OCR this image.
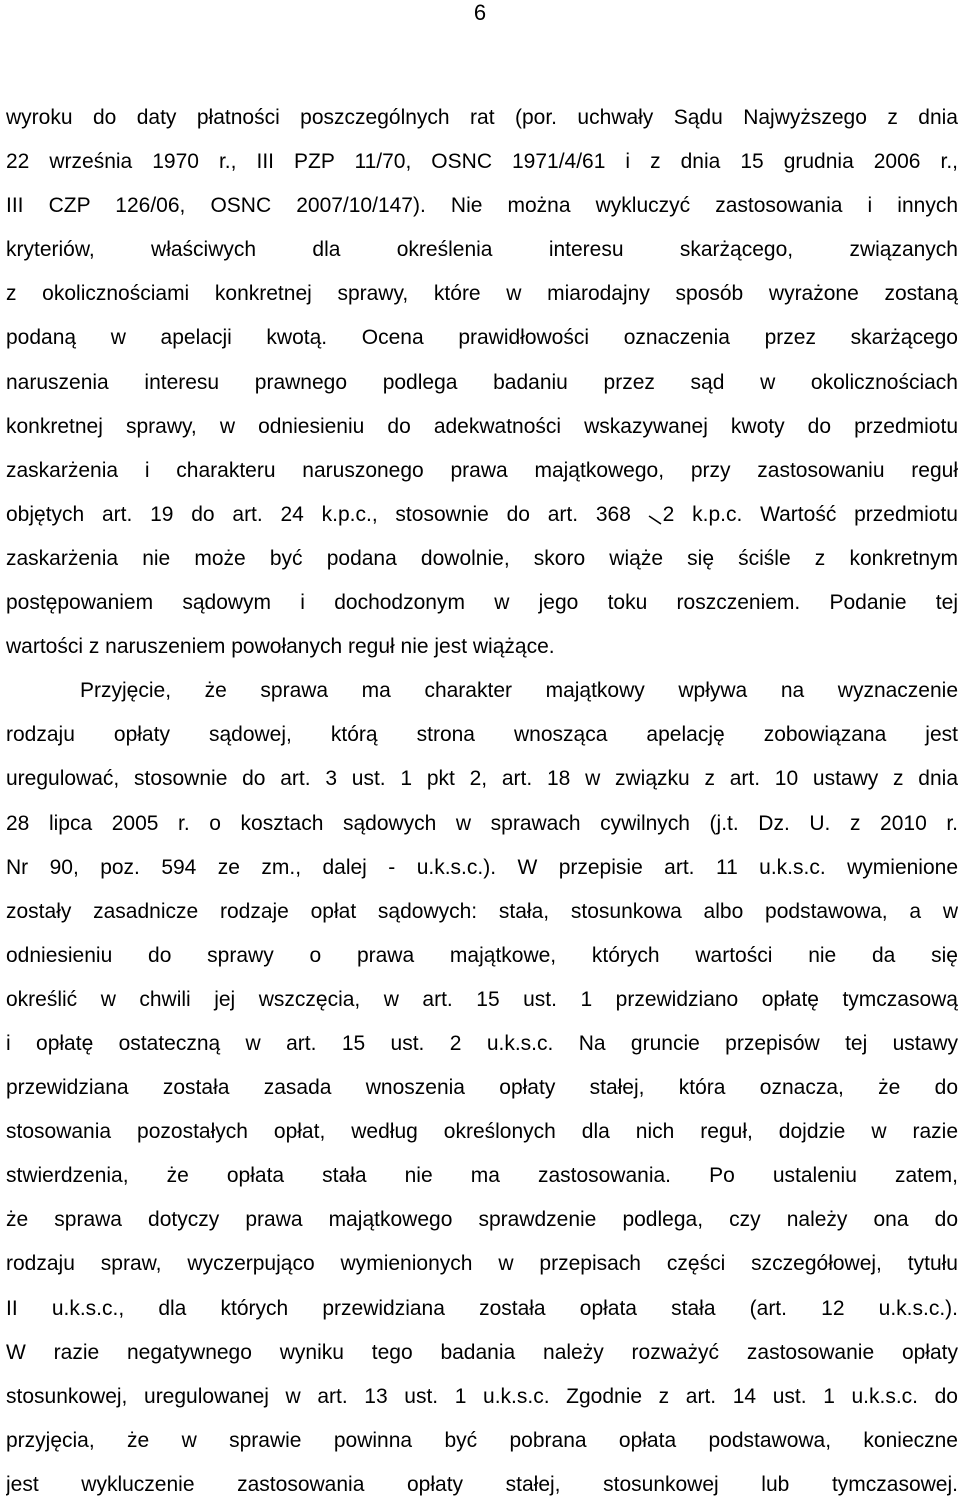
6
wyroku do daty płatności poszczególnych rat (por. uchwały Sądu Najwyższego z dnia
22 września 1970 r., III PZP 11/70, OSNC 1971/4/61 i z dnia 15 grudnia 2006 r.,
III CZP 126/06, OSNC 2007/10/147). Nie można wykluczyć zastosowania i innych
kryteriów, właściwych dla określenia interesu skarżącego, związanych
z okolicznościami konkretnej sprawy, które w miarodajny sposób wyrażone zostaną
podaną w apelacji kwotą. Ocena prawidłowości oznaczenia przez skarżącego
naruszenia interesu prawnego podlega badaniu przez sąd w okolicznościach
konkretnej sprawy, w odniesieniu do adekwatności wskazywanej kwoty do przedmiotu
zaskarżenia i charakteru naruszonego prawa majątkowego, przy zastosowaniu reguł
objętych art. 19 do art. 24 k.p.c., stosownie do art. 368 2 k.p.c. Wartość przedmiotu
zaskarżenia nie może być podana dowolnie, skoro wiąże się ściśle z konkretnym
postępowaniem sądowym i dochodzonym w jego toku roszczeniem. Podanie tej
wartości z naruszeniem powołanych reguł nie jest wiążące.
Przyjęcie, że sprawa ma charakter majątkowy wpływa na wyznaczenie
rodzaju opłaty sądowej, którą strona wnosząca apelację zobowiązana jest
uregulować, stosownie do art. 3 ust. 1 pkt 2, art. 18 w związku z art. 10 ustawy z dnia
28 lipca 2005 r. o kosztach sądowych w sprawach cywilnych (j.t. Dz. U. z 2010 r.
Nr 90, poz. 594 ze zm., dalej - u.k.s.c.). W przepisie art. 11 u.k.s.c. wymienione
zostały zasadnicze rodzaje opłat sądowych: stała, stosunkowa albo podstawowa, a w
odniesieniu do sprawy o prawa majątkowe, których wartości nie da się
określić w chwili jej wszczęcia, w art. 15 ust. 1 przewidziano opłatę tymczasową
i opłatę ostateczną w art. 15 ust. 2 u.k.s.c. Na gruncie przepisów tej ustawy
przewidziana została zasada wnoszenia opłaty stałej, która oznacza, że do
stosowania pozostałych opłat, według określonych dla nich reguł, dojdzie w razie
stwierdzenia, że opłata stała nie ma zastosowania. Po ustaleniu zatem,
że sprawa dotyczy prawa majątkowego sprawdzenie podlega, czy należy ona do
rodzaju spraw, wyczerpująco wymienionych w przepisach części szczegółowej, tytułu
II u.k.s.c., dla których przewidziana została opłata stała (art. 12 u.k.s.c.).
W razie negatywnego wyniku tego badania należy rozważyć zastosowanie opłaty
stosunkowej, uregulowanej w art. 13 ust. 1 u.k.s.c. Zgodnie z art. 14 ust. 1 u.k.s.c. do
przyjęcia, że w sprawie powinna być pobrana opłata podstawowa, konieczne
jest wykluczenie zastosowania opłaty stałej, stosunkowej lub tymczasowej.
